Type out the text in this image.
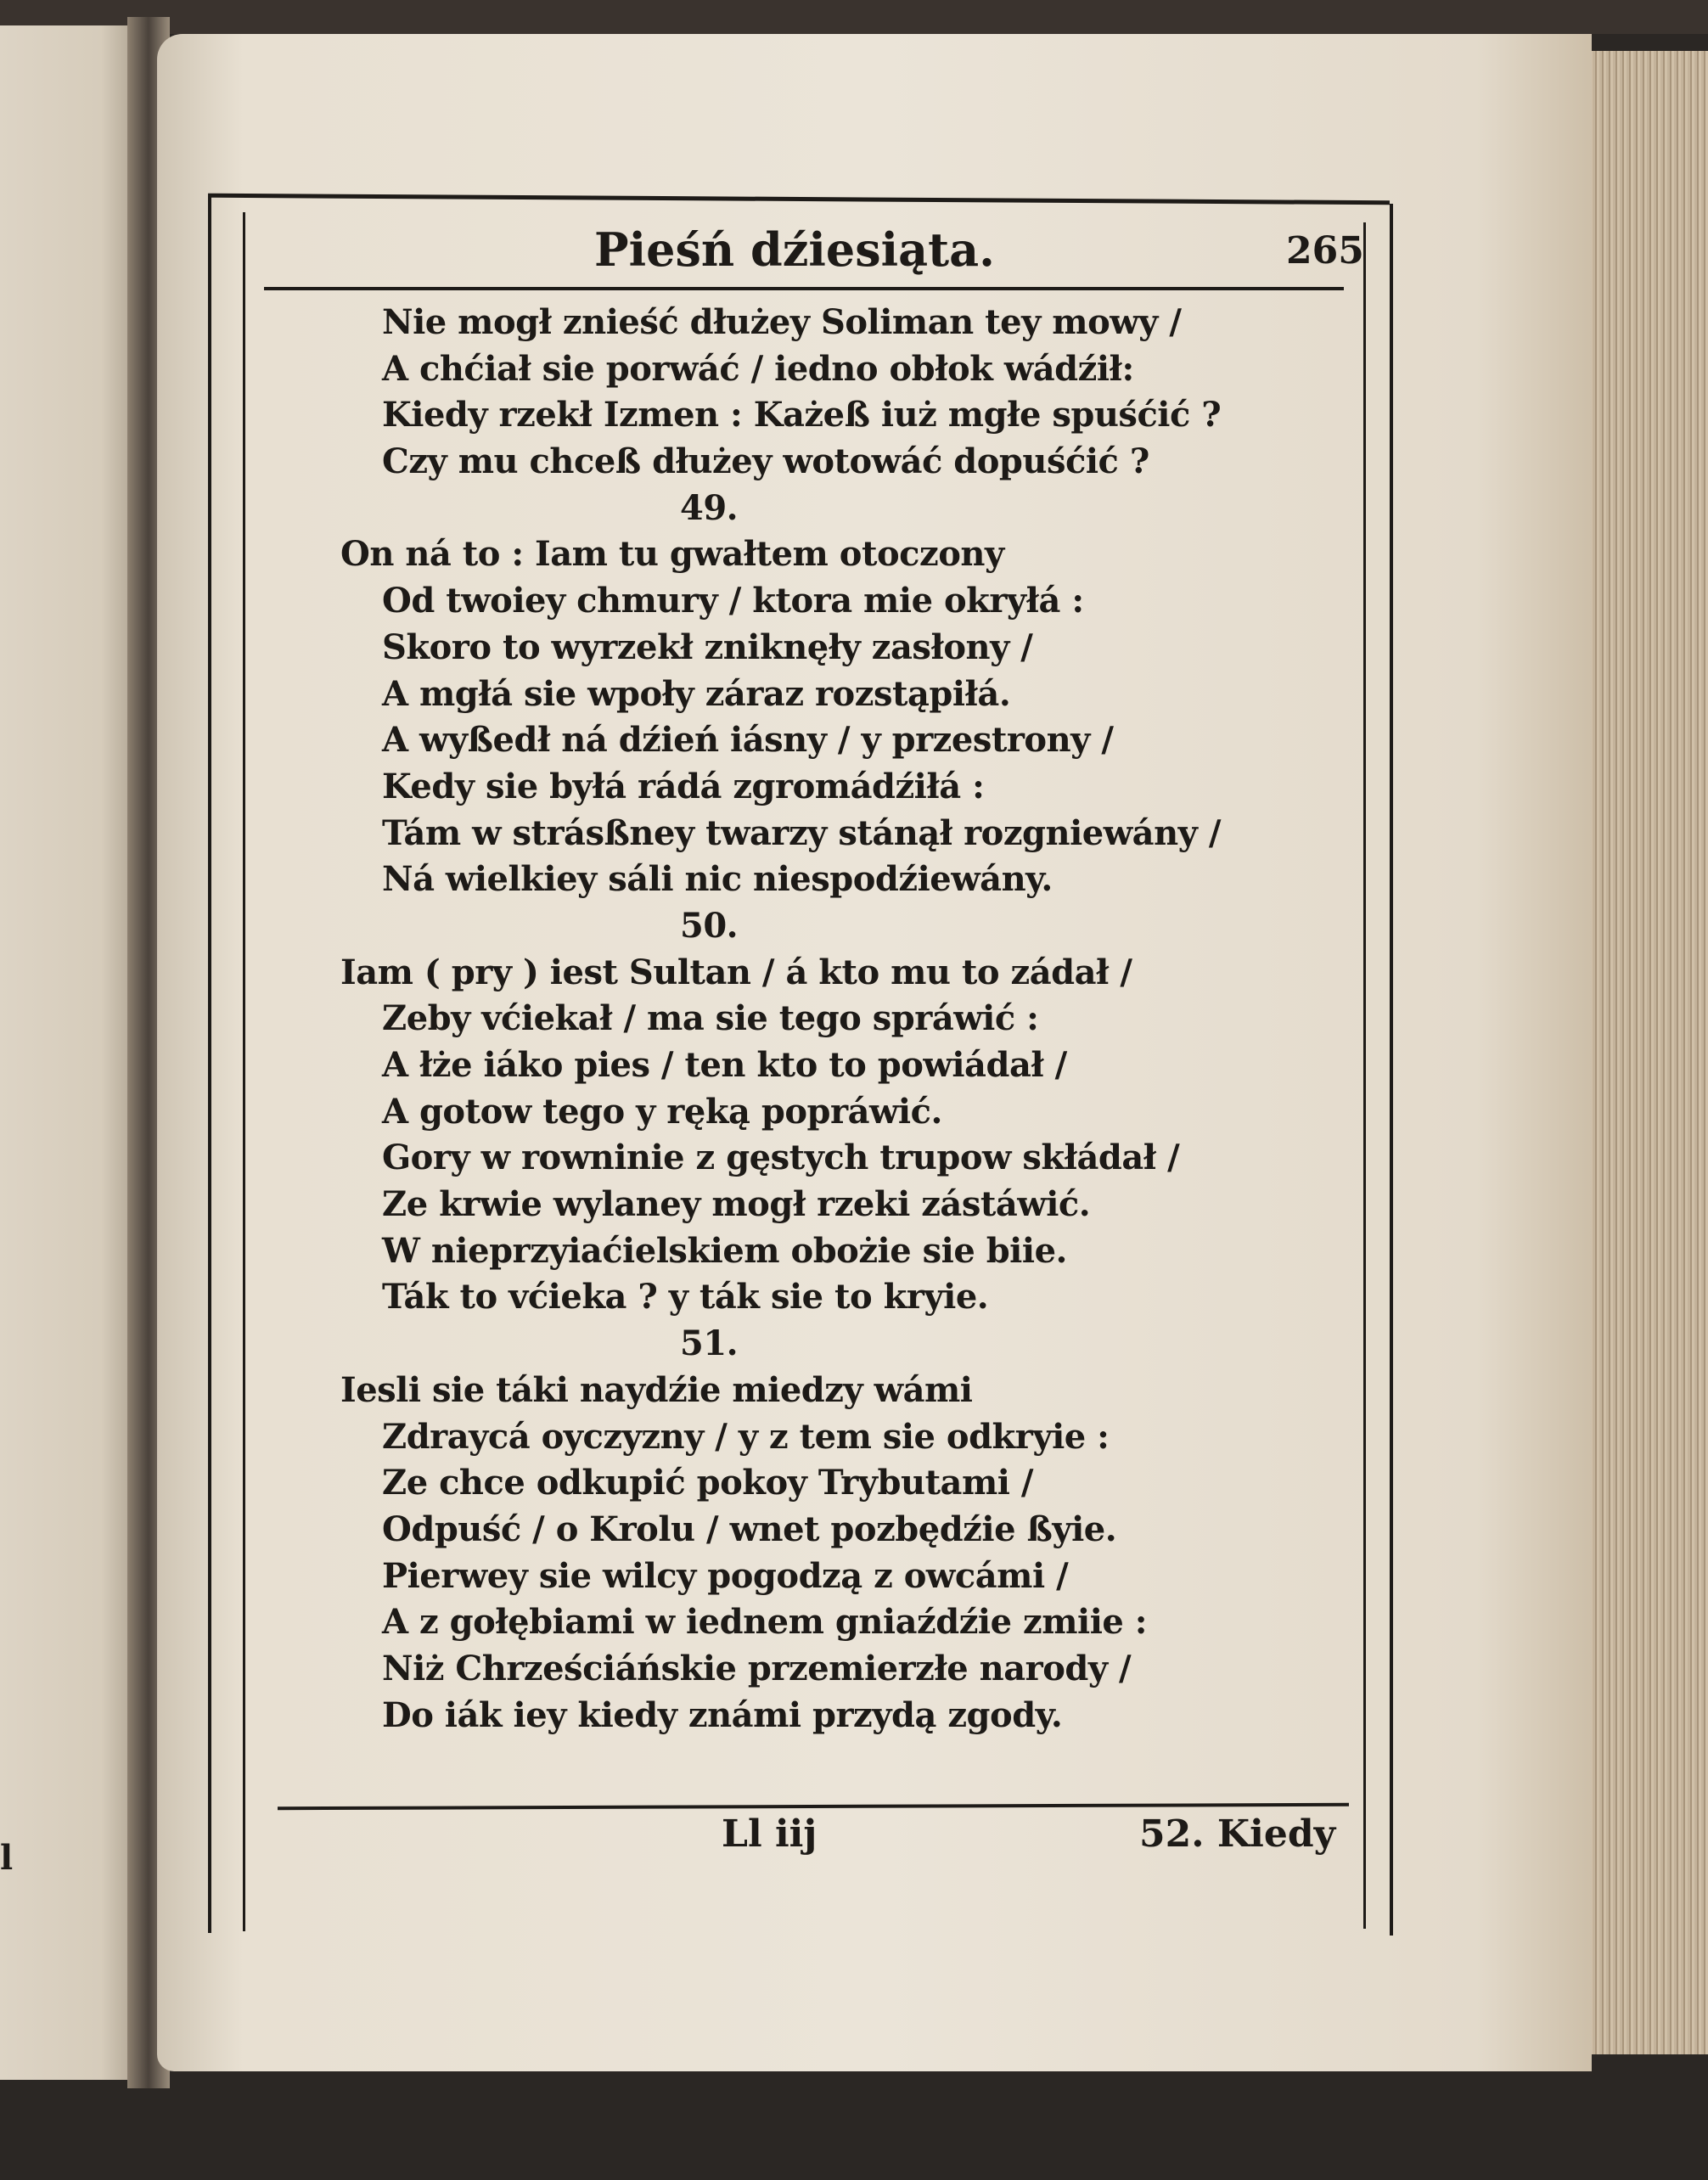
l
Pieśń dźiesiąta.	265
Nie mogł znieść dłużey Soliman tey mowy /
A chćiał sie porwáć / iedno obłok wádźił:
Kiedy rzekł Izmen : Każeß iuż mgłe spuśćić ?
Czy mu chceß dłużey wotowáć dopuśćić ?
49.
On ná to : Iam tu gwałtem otoczony
Od twoiey chmury / ktora mie okryłá :
Skoro to wyrzekł zniknęły zasłony /
A mgłá sie wpoły záraz rozstąpiłá.
A wyßedł ná dźień iásny / y przestrony /
Kedy sie byłá rádá zgromádźiłá :
Tám w strásßney twarzy stánął rozgniewány /
Ná wielkiey sáli nic niespodźiewány.
50.
Iam ( pry ) iest Sultan / á kto mu to zádał /
Zeby vćiekał / ma sie tego spráwić :
A łże iáko pies / ten kto to powiádał /
A gotow tego y ręką popráwić.
Gory w rowninie z gęstych trupow skłádał /
Ze krwie wylaney mogł rzeki zástáwić.
W nieprzyiaćielskiem obożie sie biie.
Ták to vćieka ? y ták sie to kryie.
51.
Iesli sie táki naydźie miedzy wámi
Zdraycá oyczyzny / y z tem sie odkryie :
Ze chce odkupić pokoy Trybutami /
Odpuść / o Krolu / wnet pozbędźie ßyie.
Pierwey sie wilcy pogodzą z owcámi /
A z gołębiami w iednem gniaźdźie zmiie :
Niż Chrześciáńskie przemierzłe narody /
Do iák iey kiedy známi przydą zgody.
Ll iij	52. Kiedy
